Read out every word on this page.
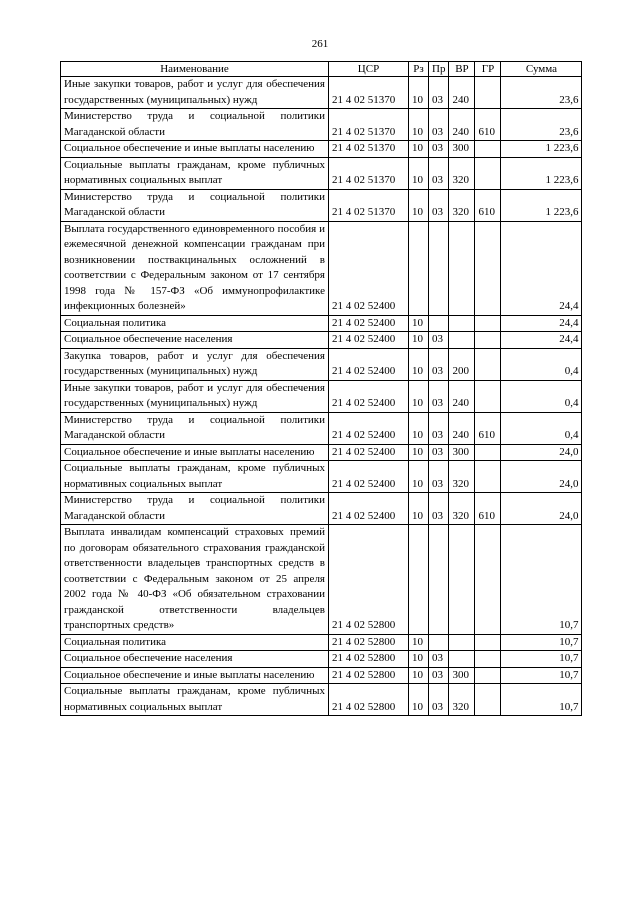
261
Наименование	ЦСР	Рз	Пр	ВР	ГР	Сумма
Иные закупки товаров, работ и услуг для обеспечения государственных (муниципальных) нужд	21 4 02 51370	10	03	240		23,6
Министерство труда и социальной политики Магаданской области	21 4 02 51370	10	03	240	610	23,6
Социальное обеспечение и иные выплаты населению	21 4 02 51370	10	03	300		1 223,6
Социальные выплаты гражданам, кроме публичных нормативных социальных выплат	21 4 02 51370	10	03	320		1 223,6
Министерство труда и социальной политики Магаданской области	21 4 02 51370	10	03	320	610	1 223,6
Выплата государственного единовременного пособия и ежемесячной денежной компенсации гражданам при возникновении поствакцинальных осложнений в соответствии с Федеральным законом от 17 сентября 1998 года № 157-ФЗ «Об иммунопрофилактике инфекционных болезней»	21 4 02 52400					24,4
Социальная политика	21 4 02 52400	10				24,4
Социальное обеспечение населения	21 4 02 52400	10	03			24,4
Закупка товаров, работ и услуг для обеспечения государственных (муниципальных) нужд	21 4 02 52400	10	03	200		0,4
Иные закупки товаров, работ и услуг для обеспечения государственных (муниципальных) нужд	21 4 02 52400	10	03	240		0,4
Министерство труда и социальной политики Магаданской области	21 4 02 52400	10	03	240	610	0,4
Социальное обеспечение и иные выплаты населению	21 4 02 52400	10	03	300		24,0
Социальные выплаты гражданам, кроме публичных нормативных социальных выплат	21 4 02 52400	10	03	320		24,0
Министерство труда и социальной политики Магаданской области	21 4 02 52400	10	03	320	610	24,0
Выплата инвалидам компенсаций страховых премий по договорам обязательного страхования гражданской ответственности владельцев транспортных средств в соответствии с Федеральным законом от 25 апреля 2002 года № 40-ФЗ «Об обязательном страховании гражданской ответственности владельцев транспортных средств»	21 4 02 52800					10,7
Социальная политика	21 4 02 52800	10				10,7
Социальное обеспечение населения	21 4 02 52800	10	03			10,7
Социальное обеспечение и иные выплаты населению	21 4 02 52800	10	03	300		10,7
Социальные выплаты гражданам, кроме публичных нормативных социальных выплат	21 4 02 52800	10	03	320		10,7
